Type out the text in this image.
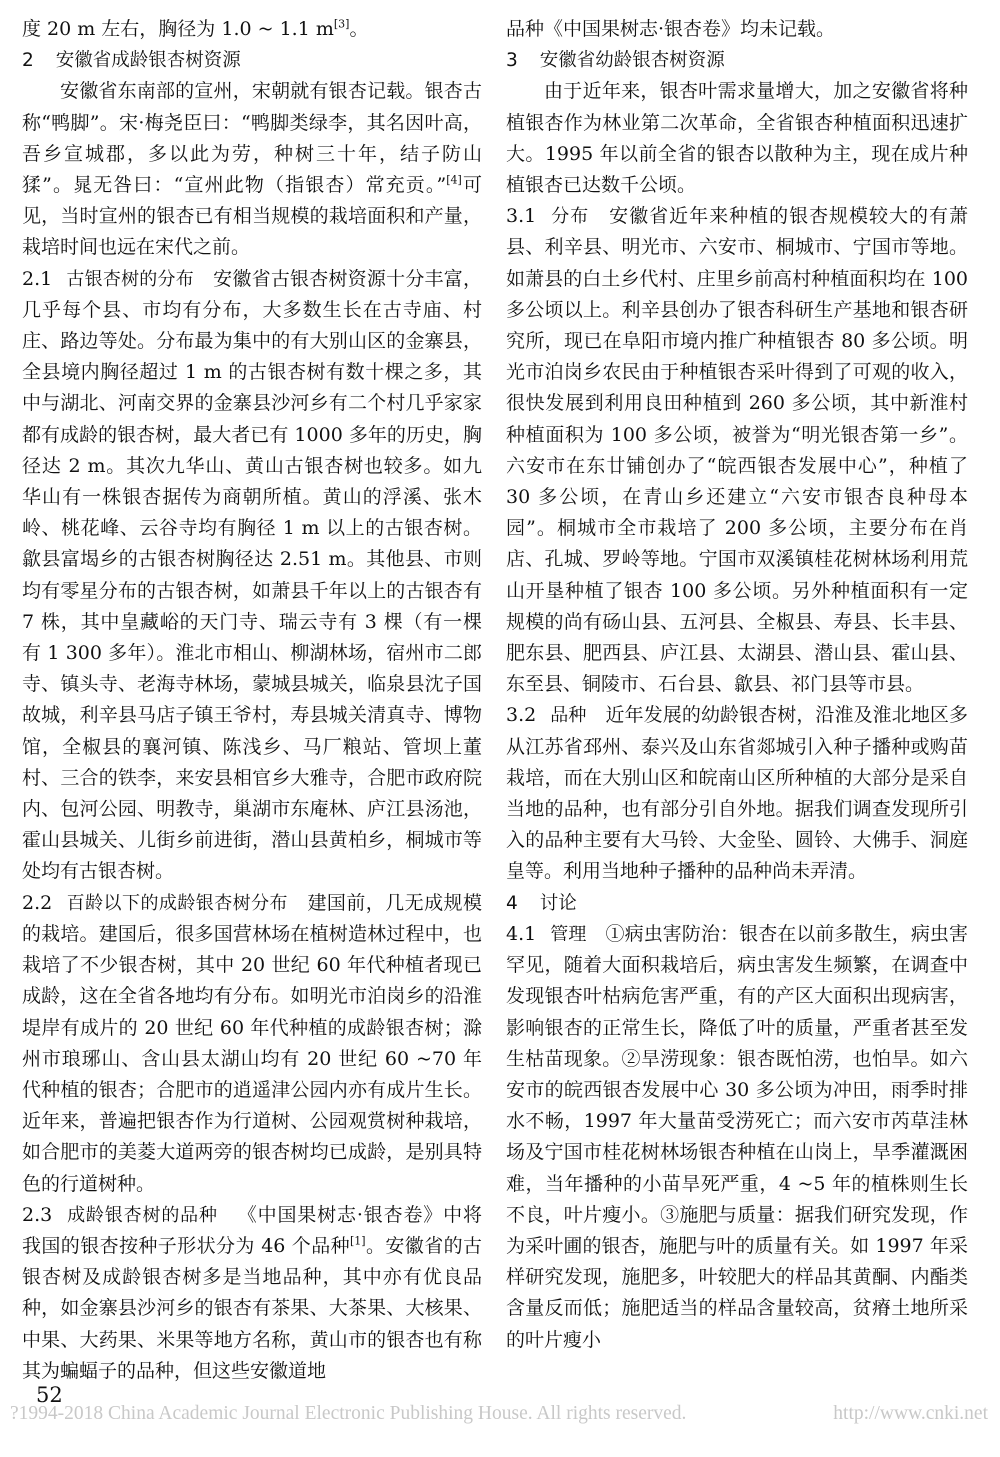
度 20 m 左右，胸径为 1.0 ~ 1.1 m[3]。

2 安徽省成龄银杏树资源

安徽省东南部的宣州，宋朝就有银杏记载。银杏古称“鸭脚”。宋·梅尧臣曰：“鸭脚类绿李，其名因叶高，吾乡宣城郡，多以此为劳，种树三十年，结子防山猱”。晁无咎曰：“宣州此物（指银杏）常充贡。”[4]可见，当时宣州的银杏已有相当规模的栽培面积和产量，栽培时间也远在宋代之前。

2.1 古银杏树的分布  安徽省古银杏树资源十分丰富，几乎每个县、市均有分布，大多数生长在古寺庙、村庄、路边等处。分布最为集中的有大别山区的金寨县，全县境内胸径超过 1 m 的古银杏树有数十棵之多，其中与湖北、河南交界的金寨县沙河乡有二个村几乎家家都有成龄的银杏树，最大者已有 1000 多年的历史，胸径达 2 m。其次九华山、黄山古银杏树也较多。如九华山有一株银杏据传为商朝所植。黄山的浮溪、张木岭、桃花峰、云谷寺均有胸径 1 m 以上的古银杏树。歙县富堨乡的古银杏树胸径达 2.51 m。其他县、市则均有零星分布的古银杏树，如萧县千年以上的古银杏有 7 株，其中皇藏峪的天门寺、瑞云寺有 3 棵（有一棵有 1 300 多年）。淮北市相山、柳湖林场，宿州市二郎寺、镇头寺、老海寺林场，蒙城县城关，临泉县沈子国故城，利辛县马店子镇王爷村，寿县城关清真寺、博物馆，全椒县的襄河镇、陈浅乡、马厂粮站、管坝上董村、三合的铁李，来安县相官乡大雅寺，合肥市政府院内、包河公园、明教寺，巢湖市东庵林、庐江县汤池，霍山县城关、儿街乡前进街，潜山县黄柏乡，桐城市等处均有古银杏树。

2.2 百龄以下的成龄银杏树分布  建国前，几无成规模的栽培。建国后，很多国营林场在植树造林过程中，也栽培了不少银杏树，其中 20 世纪 60 年代种植者现已成龄，这在全省各地均有分布。如明光市泊岗乡的沿淮堤岸有成片的 20 世纪 60 年代种植的成龄银杏树；滁州市琅琊山、含山县太湖山均有 20 世纪 60 ~70 年代种植的银杏；合肥市的逍遥津公园内亦有成片生长。近年来，普遍把银杏作为行道树、公园观赏树种栽培，如合肥市的美菱大道两旁的银杏树均已成龄，是别具特色的行道树种。

2.3 成龄银杏树的品种  《中国果树志·银杏卷》中将我国的银杏按种子形状分为 46 个品种[1]。安徽省的古银杏树及成龄银杏树多是当地品种，其中亦有优良品种，如金寨县沙河乡的银杏有茶果、大茶果、大核果、中果、大药果、米果等地方名称，黄山市的银杏也有称其为蝙蝠子的品种，但这些安徽道地

品种《中国果树志·银杏卷》均未记载。

3 安徽省幼龄银杏树资源

由于近年来，银杏叶需求量增大，加之安徽省将种植银杏作为林业第二次革命，全省银杏种植面积迅速扩大。1995 年以前全省的银杏以散种为主，现在成片种植银杏已达数千公顷。

3.1 分布  安徽省近年来种植的银杏规模较大的有萧县、利辛县、明光市、六安市、桐城市、宁国市等地。如萧县的白土乡代村、庄里乡前高村种植面积均在 100 多公顷以上。利辛县创办了银杏科研生产基地和银杏研究所，现已在阜阳市境内推广种植银杏 80 多公顷。明光市泊岗乡农民由于种植银杏采叶得到了可观的收入，很快发展到利用良田种植到 260 多公顷，其中新淮村种植面积为 100 多公顷，被誉为“明光银杏第一乡”。六安市在东廿铺创办了“皖西银杏发展中心”，种植了 30 多公顷，在青山乡还建立“六安市银杏良种母本园”。桐城市全市栽培了 200 多公顷，主要分布在肖店、孔城、罗岭等地。宁国市双溪镇桂花树林场利用荒山开垦种植了银杏 100 多公顷。另外种植面积有一定规模的尚有砀山县、五河县、全椒县、寿县、长丰县、肥东县、肥西县、庐江县、太湖县、潜山县、霍山县、东至县、铜陵市、石台县、歙县、祁门县等市县。

3.2 品种  近年发展的幼龄银杏树，沿淮及淮北地区多从江苏省邳州、泰兴及山东省郯城引入种子播种或购苗栽培，而在大别山区和皖南山区所种植的大部分是采自当地的品种，也有部分引自外地。据我们调查发现所引入的品种主要有大马铃、大金坠、圆铃、大佛手、洞庭皇等。利用当地种子播种的品种尚未弄清。

4 讨论

4.1 管理  ①病虫害防治：银杏在以前多散生，病虫害罕见，随着大面积栽培后，病虫害发生频繁，在调查中发现银杏叶枯病危害严重，有的产区大面积出现病害，影响银杏的正常生长，降低了叶的质量，严重者甚至发生枯苗现象。②旱涝现象：银杏既怕涝，也怕旱。如六安市的皖西银杏发展中心 30 多公顷为冲田，雨季时排水不畅，1997 年大量苗受涝死亡；而六安市芮草洼林场及宁国市桂花树林场银杏种植在山岗上，旱季灌溉困难，当年播种的小苗旱死严重，4 ~5 年的植株则生长不良，叶片瘦小。③施肥与质量：据我们研究发现，作为采叶圃的银杏，施肥与叶的质量有关。如 1997 年采样研究发现，施肥多，叶较肥大的样品其黄酮、内酯类含量反而低；施肥适当的样品含量较高，贫瘠土地所采的叶片瘦小

52
?1994-2018 China Academic Journal Electronic Publishing House. All rights reserved.	http://www.cnki.net
